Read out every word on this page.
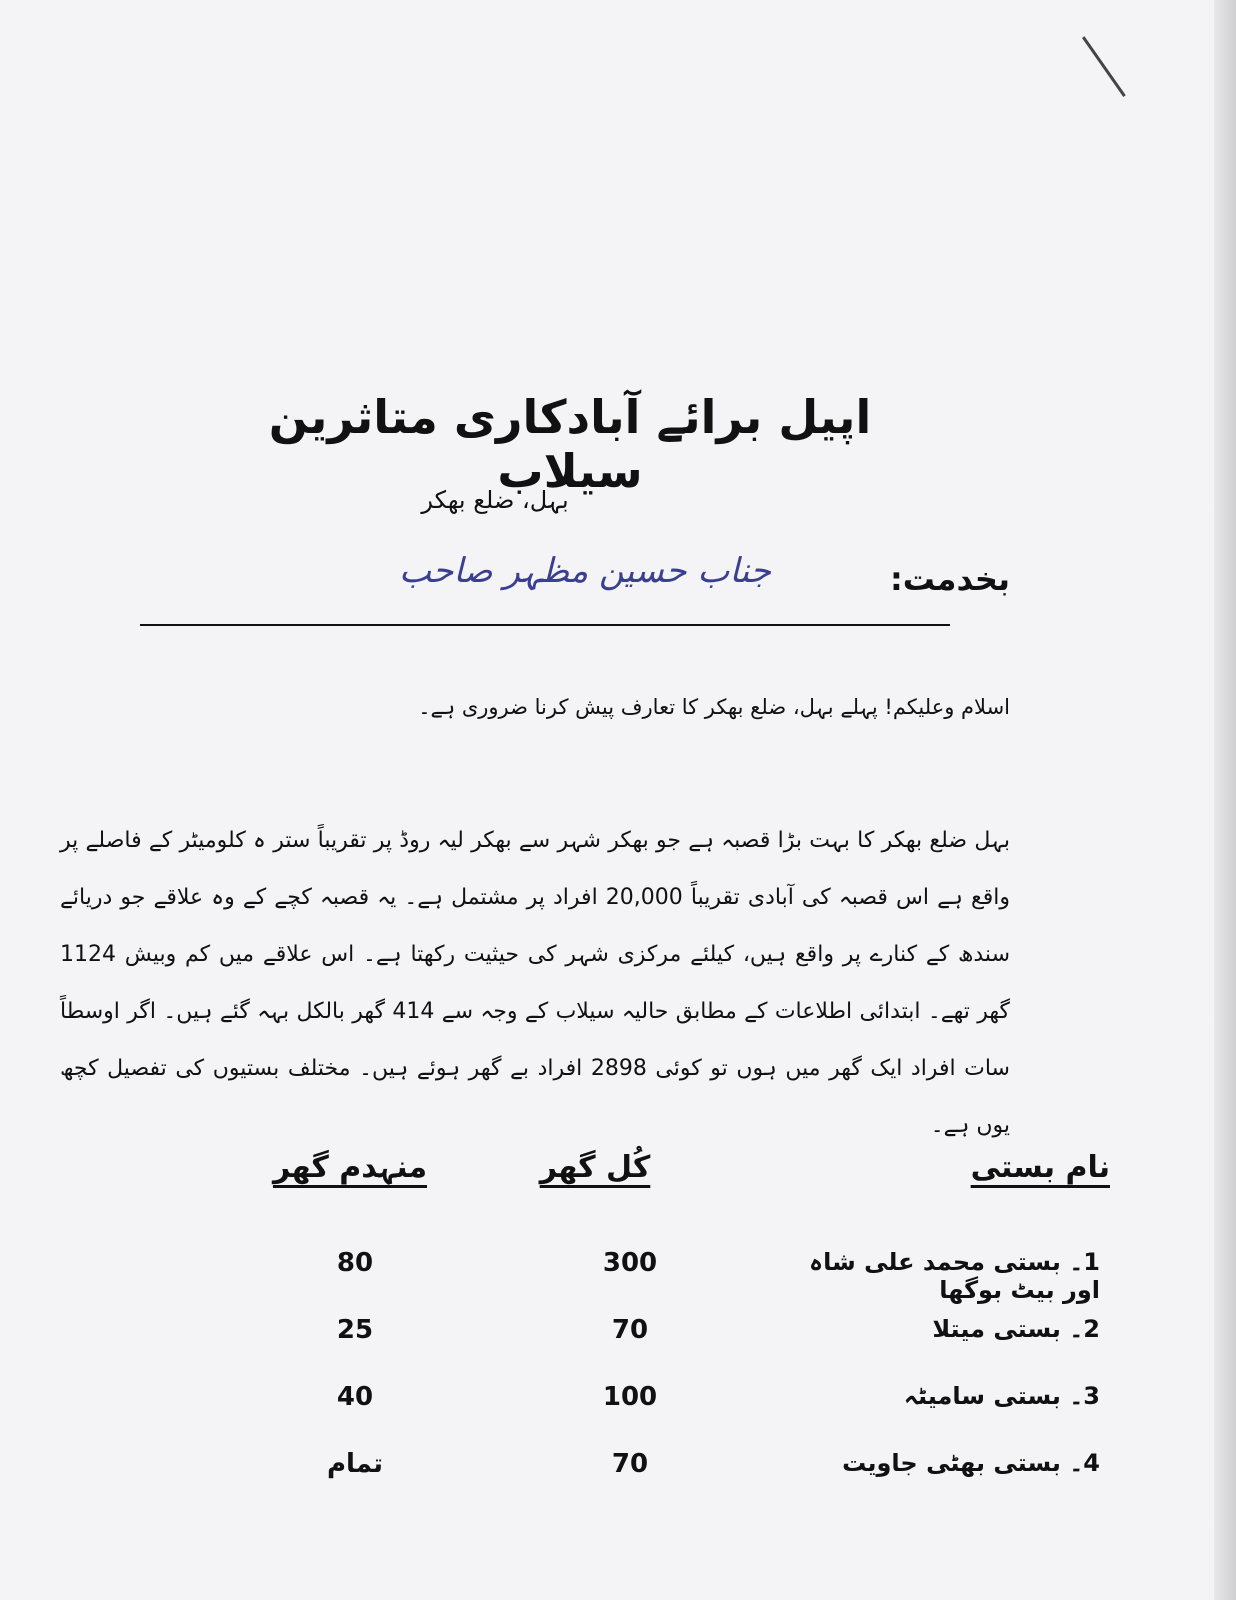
اپیل برائے آبادکاری متاثرین سیلاب
بہل، ضلع بھکر
بخدمت:
جناب حسین مظہر صاحب
اسلام وعلیکم! پہلے بہل، ضلع بھکر کا تعارف پیش کرنا ضروری ہے۔

بہل ضلع بھکر کا بہت بڑا قصبہ ہے جو بھکر شہر سے بھکر لیہ روڈ پر تقریباً ستر ہ کلومیٹر کے فاصلے پر واقع ہے اس قصبہ کی آبادی تقریباً 20,000 افراد پر مشتمل ہے۔ یہ قصبہ کچے کے وہ علاقے جو دریائے سندھ کے کنارے پر واقع ہیں، کیلئے مرکزی شہر کی حیثیت رکھتا ہے۔ اس علاقے میں کم وبیش 1124 گھر تھے۔ ابتدائی اطلاعات کے مطابق حالیہ سیلاب کے وجہ سے 414 گھر بالکل بہہ گئے ہیں۔ اگر اوسطاً سات افراد ایک گھر میں ہوں تو کوئی 2898 افراد بے گھر ہوئے ہیں۔ مختلف بستیوں کی تفصیل کچھ یوں ہے۔

نام بستی
کُل گھر
منہدم گھر
1۔ بستی محمد علی شاہ اور بیٹ بوگھا
300
80
2۔ بستی میتلا
70
25
3۔ بستی سامیٹہ
100
40
4۔ بستی بھٹی جاویت
70
تمام
